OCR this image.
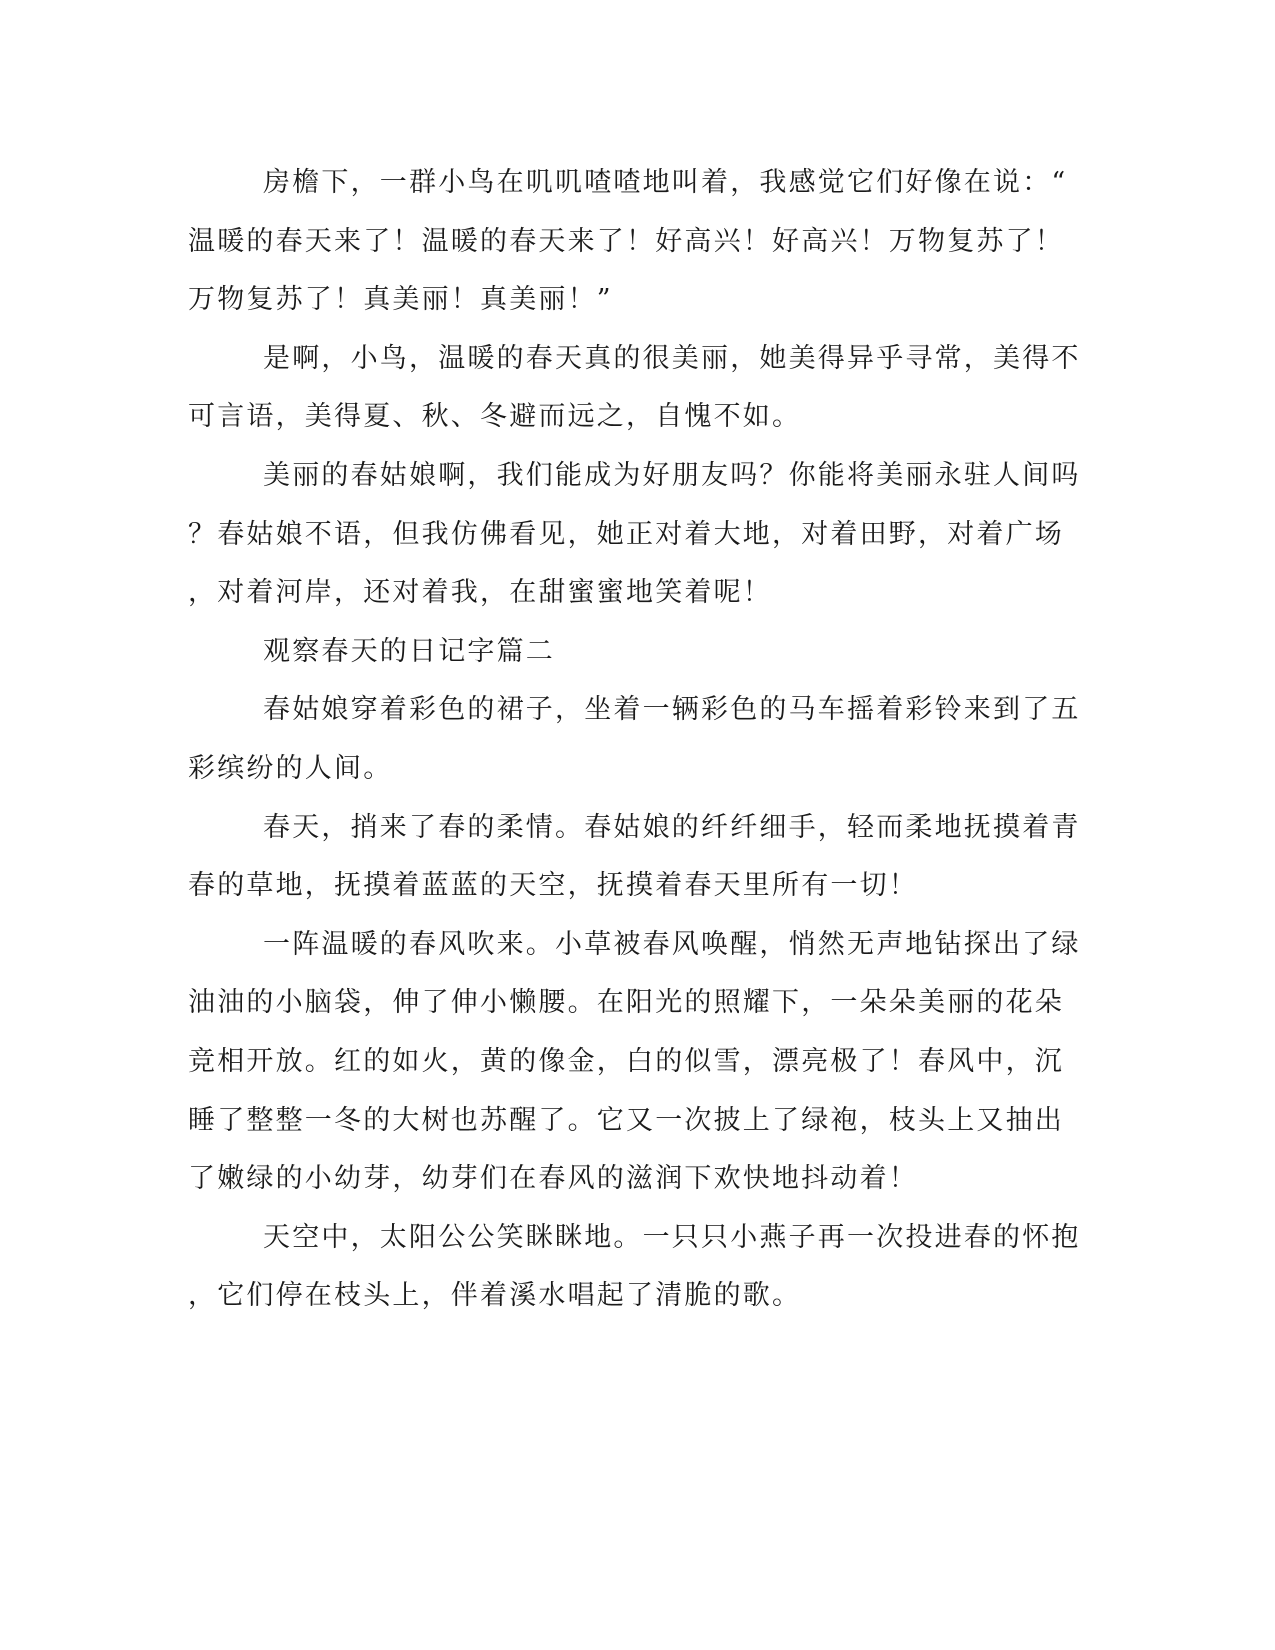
房檐下，一群小鸟在叽叽喳喳地叫着，我感觉它们好像在说：“
温暖的春天来了！温暖的春天来了！好高兴！好高兴！万物复苏了！
万物复苏了！真美丽！真美丽！”
是啊，小鸟，温暖的春天真的很美丽，她美得异乎寻常，美得不
可言语，美得夏、秋、冬避而远之，自愧不如。
美丽的春姑娘啊，我们能成为好朋友吗？你能将美丽永驻人间吗
？春姑娘不语，但我仿佛看见，她正对着大地，对着田野，对着广场
，对着河岸，还对着我，在甜蜜蜜地笑着呢！
观察春天的日记字篇二
春姑娘穿着彩色的裙子，坐着一辆彩色的马车摇着彩铃来到了五
彩缤纷的人间。
春天，捎来了春的柔情。春姑娘的纤纤细手，轻而柔地抚摸着青
春的草地，抚摸着蓝蓝的天空，抚摸着春天里所有一切！
一阵温暖的春风吹来。小草被春风唤醒，悄然无声地钻探出了绿
油油的小脑袋，伸了伸小懒腰。在阳光的照耀下，一朵朵美丽的花朵
竞相开放。红的如火，黄的像金，白的似雪，漂亮极了！春风中，沉
睡了整整一冬的大树也苏醒了。它又一次披上了绿袍，枝头上又抽出
了嫩绿的小幼芽，幼芽们在春风的滋润下欢快地抖动着！
天空中，太阳公公笑眯眯地。一只只小燕子再一次投进春的怀抱
，它们停在枝头上，伴着溪水唱起了清脆的歌。
